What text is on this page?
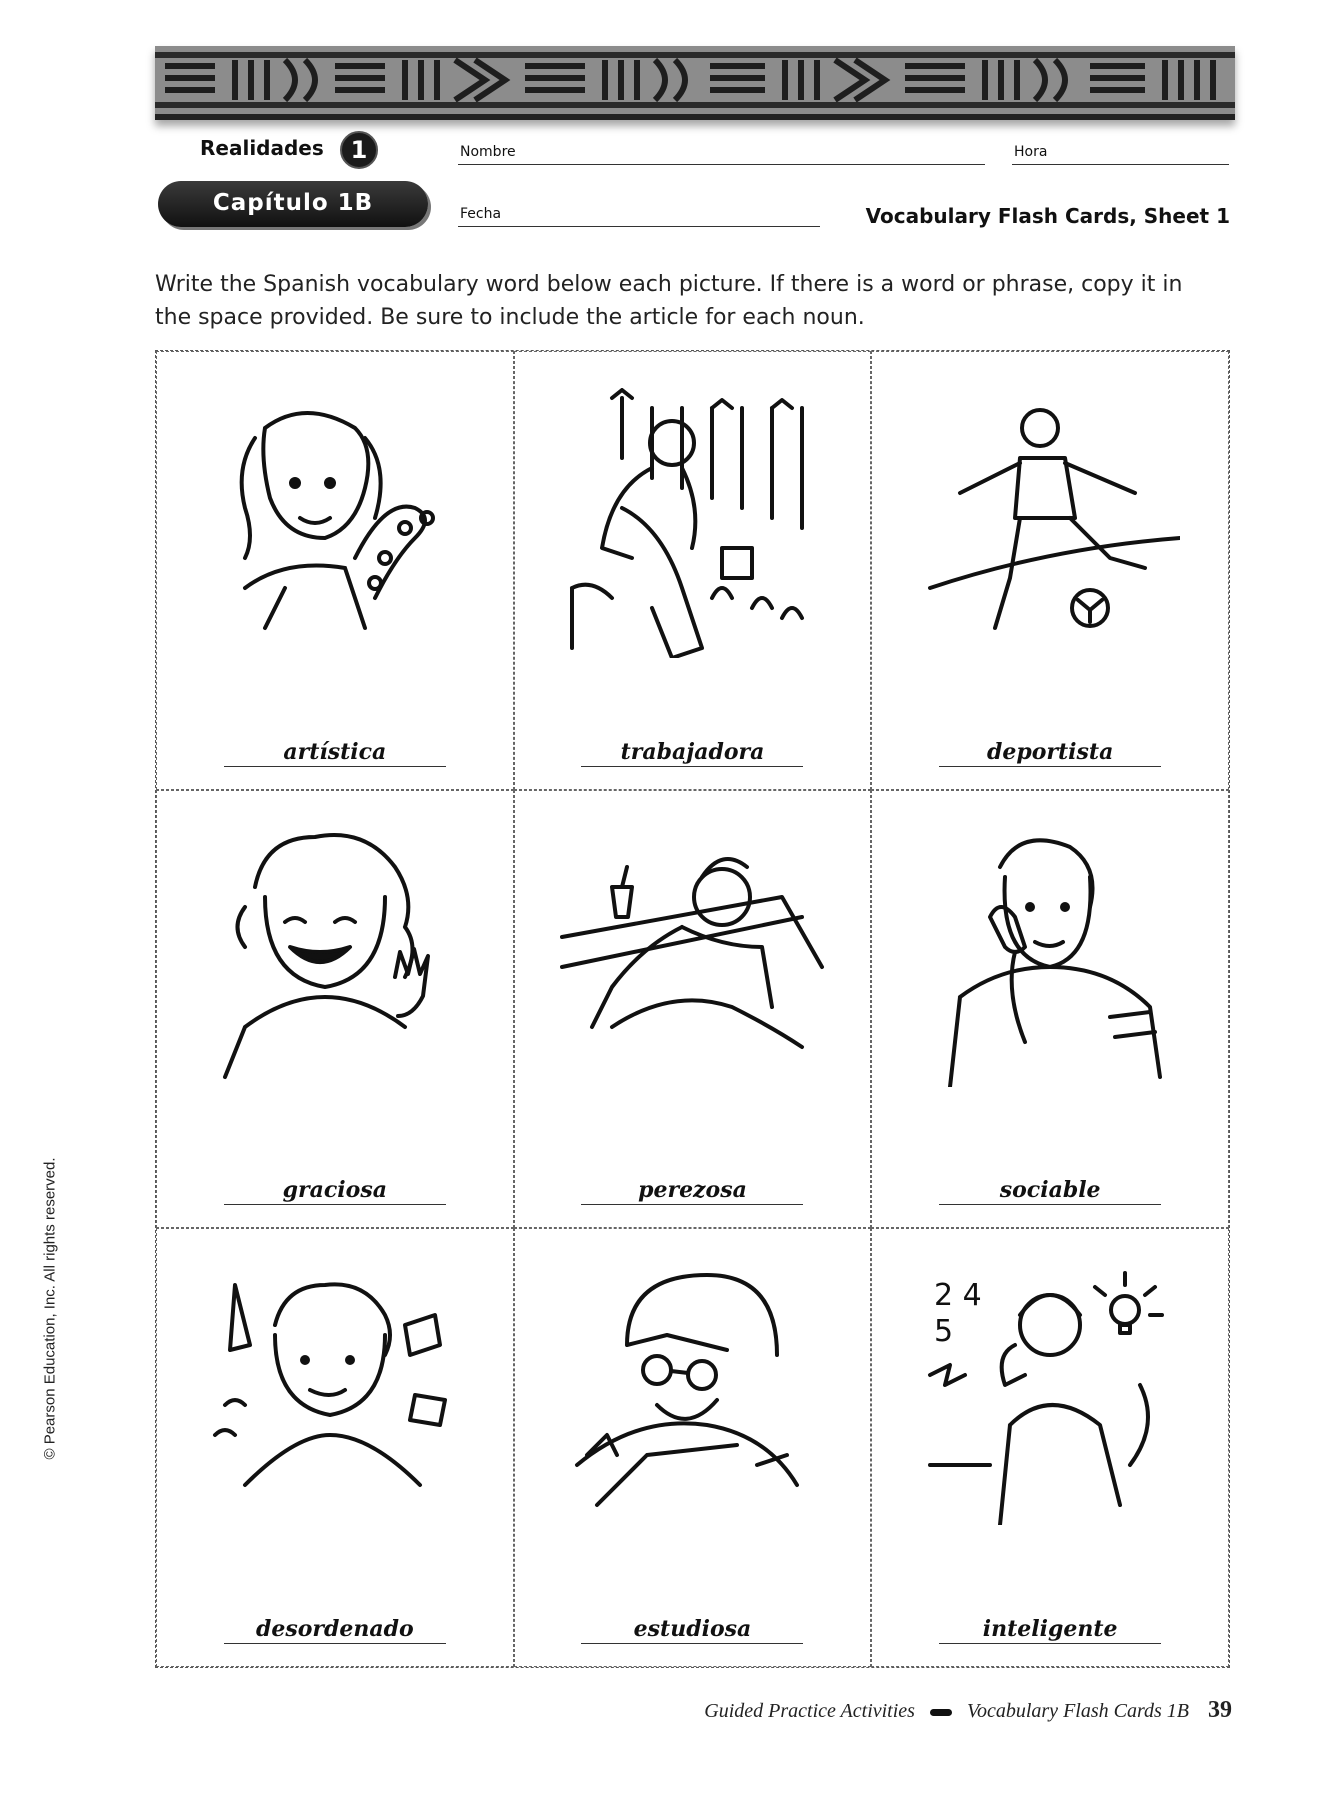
Realidades	1
Capítulo 1B
Nombre	Hora
Fecha	Vocabulary Flash Cards, Sheet 1
Write the Spanish vocabulary word below each picture. If there is a word or phrase, copy it in the space provided. Be sure to include the article for each noun.
artística	trabajadora	deportista
graciosa	perezosa	sociable
desordenado	estudiosa
2 4
5
inteligente
© Pearson Education, Inc. All rights reserved.
Guided Practice Activities	Vocabulary Flash Cards 1B 39
